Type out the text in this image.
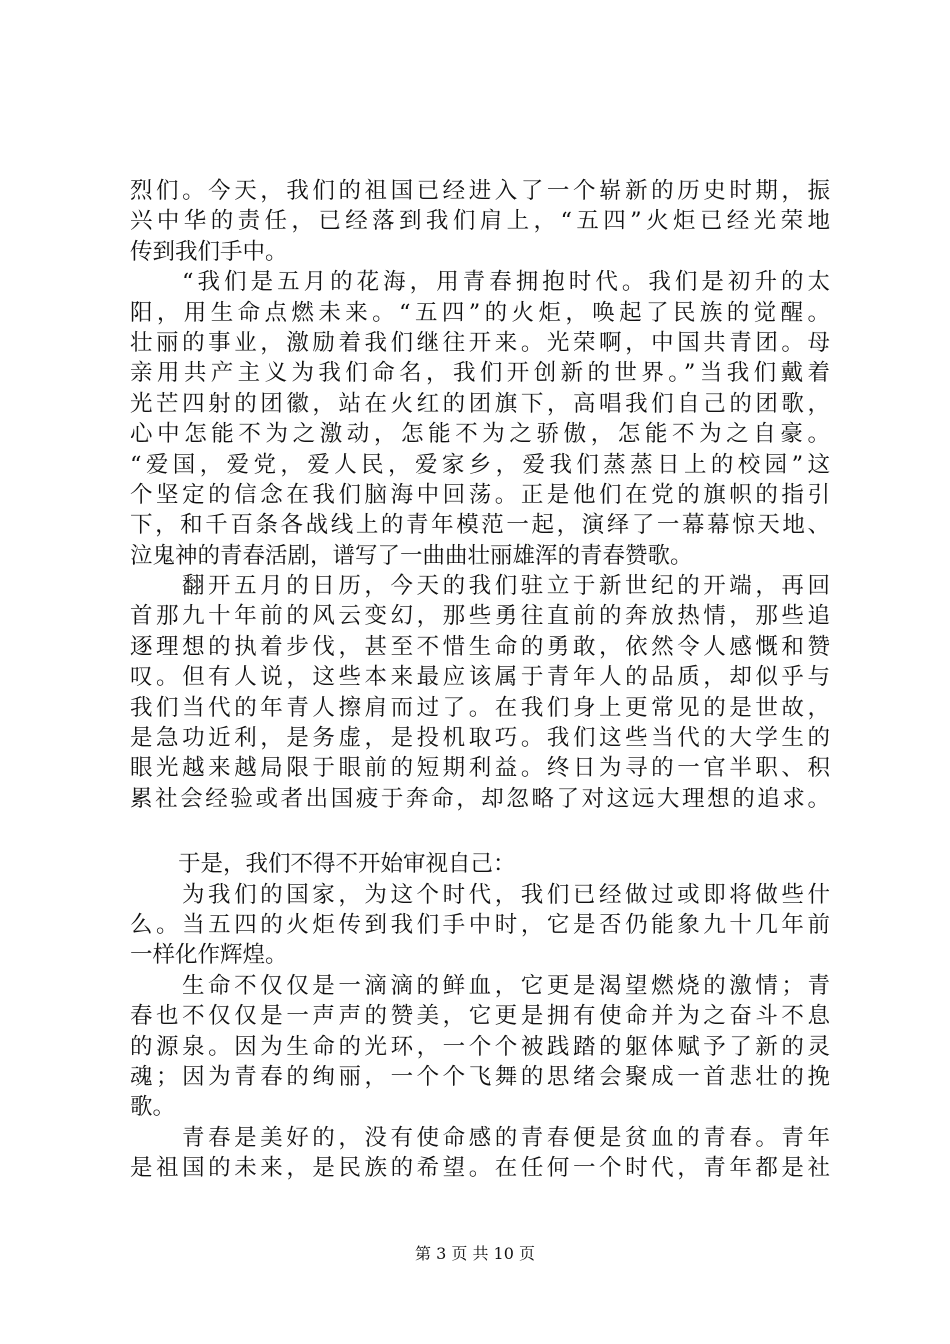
烈们。今天，我们的祖国已经进入了一个崭新的历史时期，振
兴中华的责任，已经落到我们肩上，“五四”火炬已经光荣地
传到我们手中。
“我们是五月的花海，用青春拥抱时代。我们是初升的太
阳，用生命点燃未来。“五四”的火炬，唤起了民族的觉醒。
壮丽的事业，激励着我们继往开来。光荣啊，中国共青团。母
亲用共产主义为我们命名，我们开创新的世界。”当我们戴着
光芒四射的团徽，站在火红的团旗下，高唱我们自己的团歌，
心中怎能不为之激动，怎能不为之骄傲，怎能不为之自豪。
“爱国，爱党，爱人民，爱家乡，爱我们蒸蒸日上的校园”这
个坚定的信念在我们脑海中回荡。正是他们在党的旗帜的指引
下，和千百条各战线上的青年模范一起，演绎了一幕幕惊天地、
泣鬼神的青春活剧，谱写了一曲曲壮丽雄浑的青春赞歌。
翻开五月的日历，今天的我们驻立于新世纪的开端，再回
首那九十年前的风云变幻，那些勇往直前的奔放热情，那些追
逐理想的执着步伐，甚至不惜生命的勇敢，依然令人感慨和赞
叹。但有人说，这些本来最应该属于青年人的品质，却似乎与
我们当代的年青人擦肩而过了。在我们身上更常见的是世故，
是急功近利，是务虚，是投机取巧。我们这些当代的大学生的
眼光越来越局限于眼前的短期利益。终日为寻的一官半职、积
累社会经验或者出国疲于奔命，却忽略了对这远大理想的追求。
于是，我们不得不开始审视自己：
为我们的国家，为这个时代，我们已经做过或即将做些什
么。当五四的火炬传到我们手中时，它是否仍能象九十几年前
一样化作辉煌。
生命不仅仅是一滴滴的鲜血，它更是渴望燃烧的激情；青
春也不仅仅是一声声的赞美，它更是拥有使命并为之奋斗不息
的源泉。因为生命的光环，一个个被践踏的躯体赋予了新的灵
魂；因为青春的绚丽，一个个飞舞的思绪会聚成一首悲壮的挽
歌。
青春是美好的，没有使命感的青春便是贫血的青春。青年
是祖国的未来，是民族的希望。在任何一个时代，青年都是社
第 3 页 共 10 页
